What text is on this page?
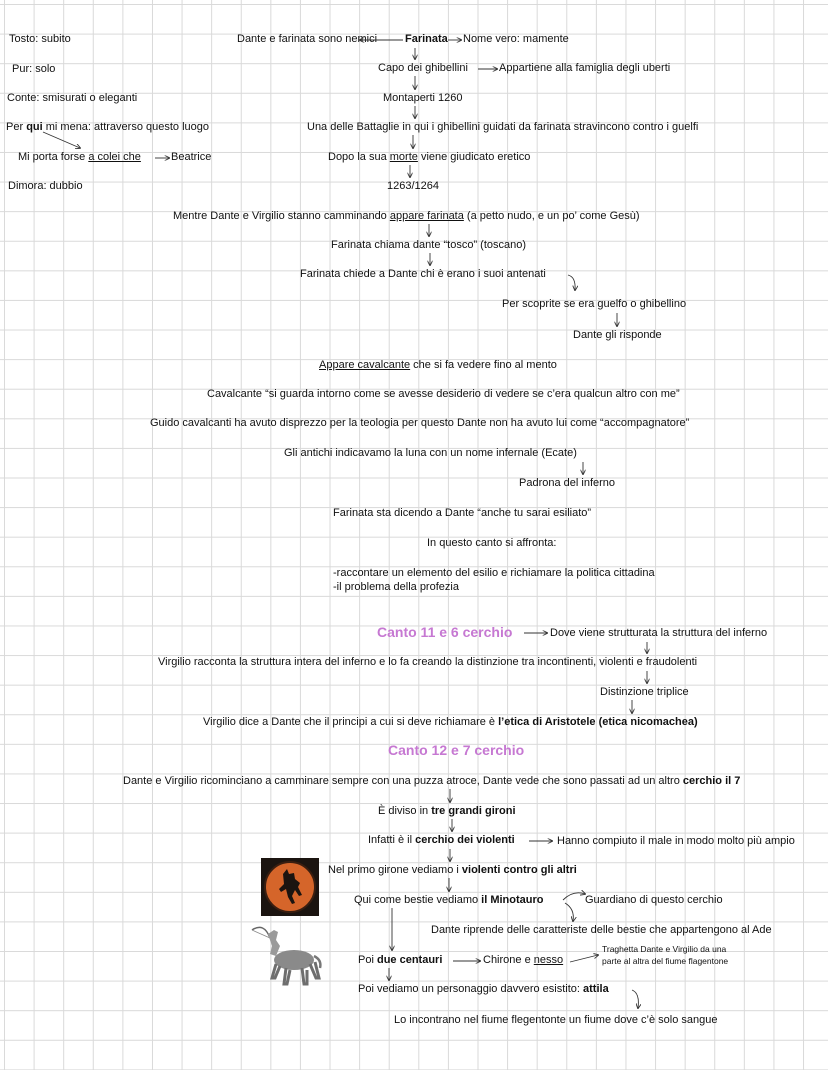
Tosto: subito
Pur: solo
Conte: smisurati o eleganti
Per qui mi mena: attraverso questo luogo
Mi porta forse a colei che	Beatrice
Dimora: dubbio
Dante e farinata sono nemici	Farinata Nome vero: mamente
Capo dei ghibellini	Appartiene alla famiglia degli uberti
Montaperti 1260
Una delle Battaglie in qui i ghibellini guidati da farinata stravincono contro i guelfi
Dopo la sua morte viene giudicato eretico
1263/1264
Mentre Dante e Virgilio stanno camminando appare farinata (a petto nudo, e un po’ come Gesù)
Farinata chiama dante “tosco” (toscano)
Farinata chiede a Dante chi è erano i suoi antenati
Per scoprite se era guelfo o ghibellino
Dante gli risponde
Appare cavalcante che si fa vedere fino al mento
Cavalcante “si guarda intorno come se avesse desiderio di vedere se c’era qualcun altro con me”
Guido cavalcanti ha avuto disprezzo per la teologia per questo Dante non ha avuto lui come “accompagnatore”
Gli antichi indicavamo la luna con un nome infernale (Ecate)
Padrona del inferno
Farinata sta dicendo a Dante “anche tu sarai esiliato”
In questo canto si affronta:
-raccontare un elemento del esilio e richiamare la politica cittadina
-il problema della profezia
Canto 11 e 6 cerchio	Dove viene strutturata la struttura del inferno
Virgilio racconta la struttura intera del inferno e lo fa creando la distinzione tra incontinenti, violenti e fraudolenti
Distinzione triplice
Virgilio dice a Dante che il principi a cui si deve richiamare è l’etica di Aristotele (etica nicomachea)
Canto 12 e 7 cerchio
Dante e Virgilio ricominciano a camminare sempre con una puzza atroce, Dante vede che sono passati ad un altro cerchio il 7
È diviso in tre grandi gironi
Infatti è il cerchio dei violenti	Hanno compiuto il male in modo molto più ampio
Nel primo girone vediamo i violenti contro gli altri
Qui come bestie vediamo il Minotauro	Guardiano di questo cerchio
Dante riprende delle caratteriste delle bestie che appartengono al Ade
Poi due centauri	Chirone e nesso
Traghetta Dante e Virgilio da una
parte al altra del fiume flagentone
Poi vediamo un personaggio davvero esistito: attila
Lo incontrano nel fiume flegentonte un fiume dove c’è solo sangue
